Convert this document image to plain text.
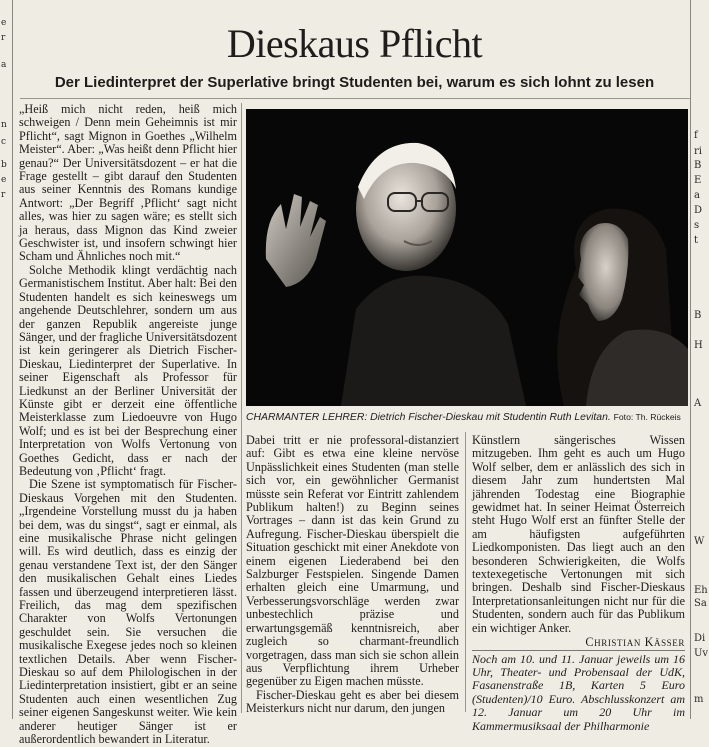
e
r
a
n
c
b
e
r
f
ri
B
E
a
D
s
t
B
H
A
W
Eh
Sa
Di
Uv
m
Dieskaus Pflicht
Der Liedinterpret der Superlative bringt Studenten bei, warum es sich lohnt zu lesen

„Heiß mich nicht reden, heiß mich schweigen / Denn mein Geheimnis ist mir Pflicht“, sagt Mignon in Goethes „Wilhelm Meister“. Aber: „Was heißt denn Pflicht hier genau?“ Der Universitätsdozent – er hat die Frage gestellt – gibt darauf den Studenten aus seiner Kenntnis des Romans kundige Antwort: „Der Begriff ‚Pflicht‘ sagt nicht alles, was hier zu sagen wäre; es stellt sich ja heraus, dass Mignon das Kind zweier Geschwister ist, und insofern schwingt hier Scham und Ähnliches noch mit.“

Solche Methodik klingt verdächtig nach Germanistischem Institut. Aber halt: Bei den Studenten handelt es sich keineswegs um angehende Deutschlehrer, sondern um aus der ganzen Republik angereiste junge Sänger, und der fragliche Universitätsdozent ist kein geringerer als Dietrich Fischer-Dieskau, Liedinterpret der Superlative. In seiner Eigenschaft als Professor für Liedkunst an der Berliner Universität der Künste gibt er derzeit eine öffentliche Meisterklasse zum Liedoeuvre von Hugo Wolf; und es ist bei der Besprechung einer Interpretation von Wolfs Vertonung von Goethes Gedicht, dass er nach der Bedeutung von ‚Pflicht‘ fragt.

Die Szene ist symptomatisch für Fischer-Dieskaus Vorgehen mit den Studenten. „Irgendeine Vorstellung musst du ja haben bei dem, was du singst“, sagt er einmal, als eine musikalische Phrase nicht gelingen will. Es wird deutlich, dass es einzig der genau verstandene Text ist, der den Sänger den musikalischen Gehalt eines Liedes fassen und überzeugend interpretieren lässt. Freilich, das mag dem spezifischen Charakter von Wolfs Vertonungen geschuldet sein. Sie versuchen die musikalische Exegese jedes noch so kleinen textlichen Details. Aber wenn Fischer-Dieskau so auf dem Philologischen in der Liedinterpretation insistiert, gibt er an seine Studenten auch einen wesentlichen Zug seiner eigenen Sangeskunst weiter. Wie kein anderer heutiger Sänger ist er außerordentlich bewandert in Literatur.

CHARMANTER LEHRER: Dietrich Fischer-Dieskau mit Studentin Ruth Levitan. Foto: Th. Rückeis

Dabei tritt er nie professoral-distanziert auf: Gibt es etwa eine kleine nervöse Unpässlichkeit eines Studenten (man stelle sich vor, ein gewöhnlicher Germanist müsste sein Referat vor Eintritt zahlendem Publikum halten!) zu Beginn seines Vortrages – dann ist das kein Grund zu Aufregung. Fischer-Dieskau überspielt die Situation geschickt mit einer Anekdote von einem eigenen Liederabend bei den Salzburger Festspielen. Singende Damen erhalten gleich eine Umarmung, und Verbesserungsvorschläge werden zwar unbestechlich präzise und erwartungsgemäß kenntnisreich, aber zugleich so charmant-freundlich vorgetragen, dass man sich sie schon allein aus Verpflichtung ihrem Urheber gegenüber zu Eigen machen müsste.

Fischer-Dieskau geht es aber bei diesem Meisterkurs nicht nur darum, den jungen

Künstlern sängerisches Wissen mitzugeben. Ihm geht es auch um Hugo Wolf selber, dem er anlässlich des sich in diesem Jahr zum hundertsten Mal jährenden Todestag eine Biographie gewidmet hat. In seiner Heimat Österreich steht Hugo Wolf erst an fünfter Stelle der am häufigsten aufgeführten Liedkomponisten. Das liegt auch an den besonderen Schwierigkeiten, die Wolfs textexegetische Vertonungen mit sich bringen. Deshalb sind Fischer-Dieskaus Interpretationsanleitungen nicht nur für die Studenten, sondern auch für das Publikum ein wichtiger Anker.

Christian Kässer

Noch am 10. und 11. Januar jeweils um 16 Uhr, Theater- und Probensaal der UdK, Fasanenstraße 1B, Karten 5 Euro (Studenten)/10 Euro. Abschlusskonzert am 12. Januar um 20 Uhr im Kammermusiksaal der Philharmonie
